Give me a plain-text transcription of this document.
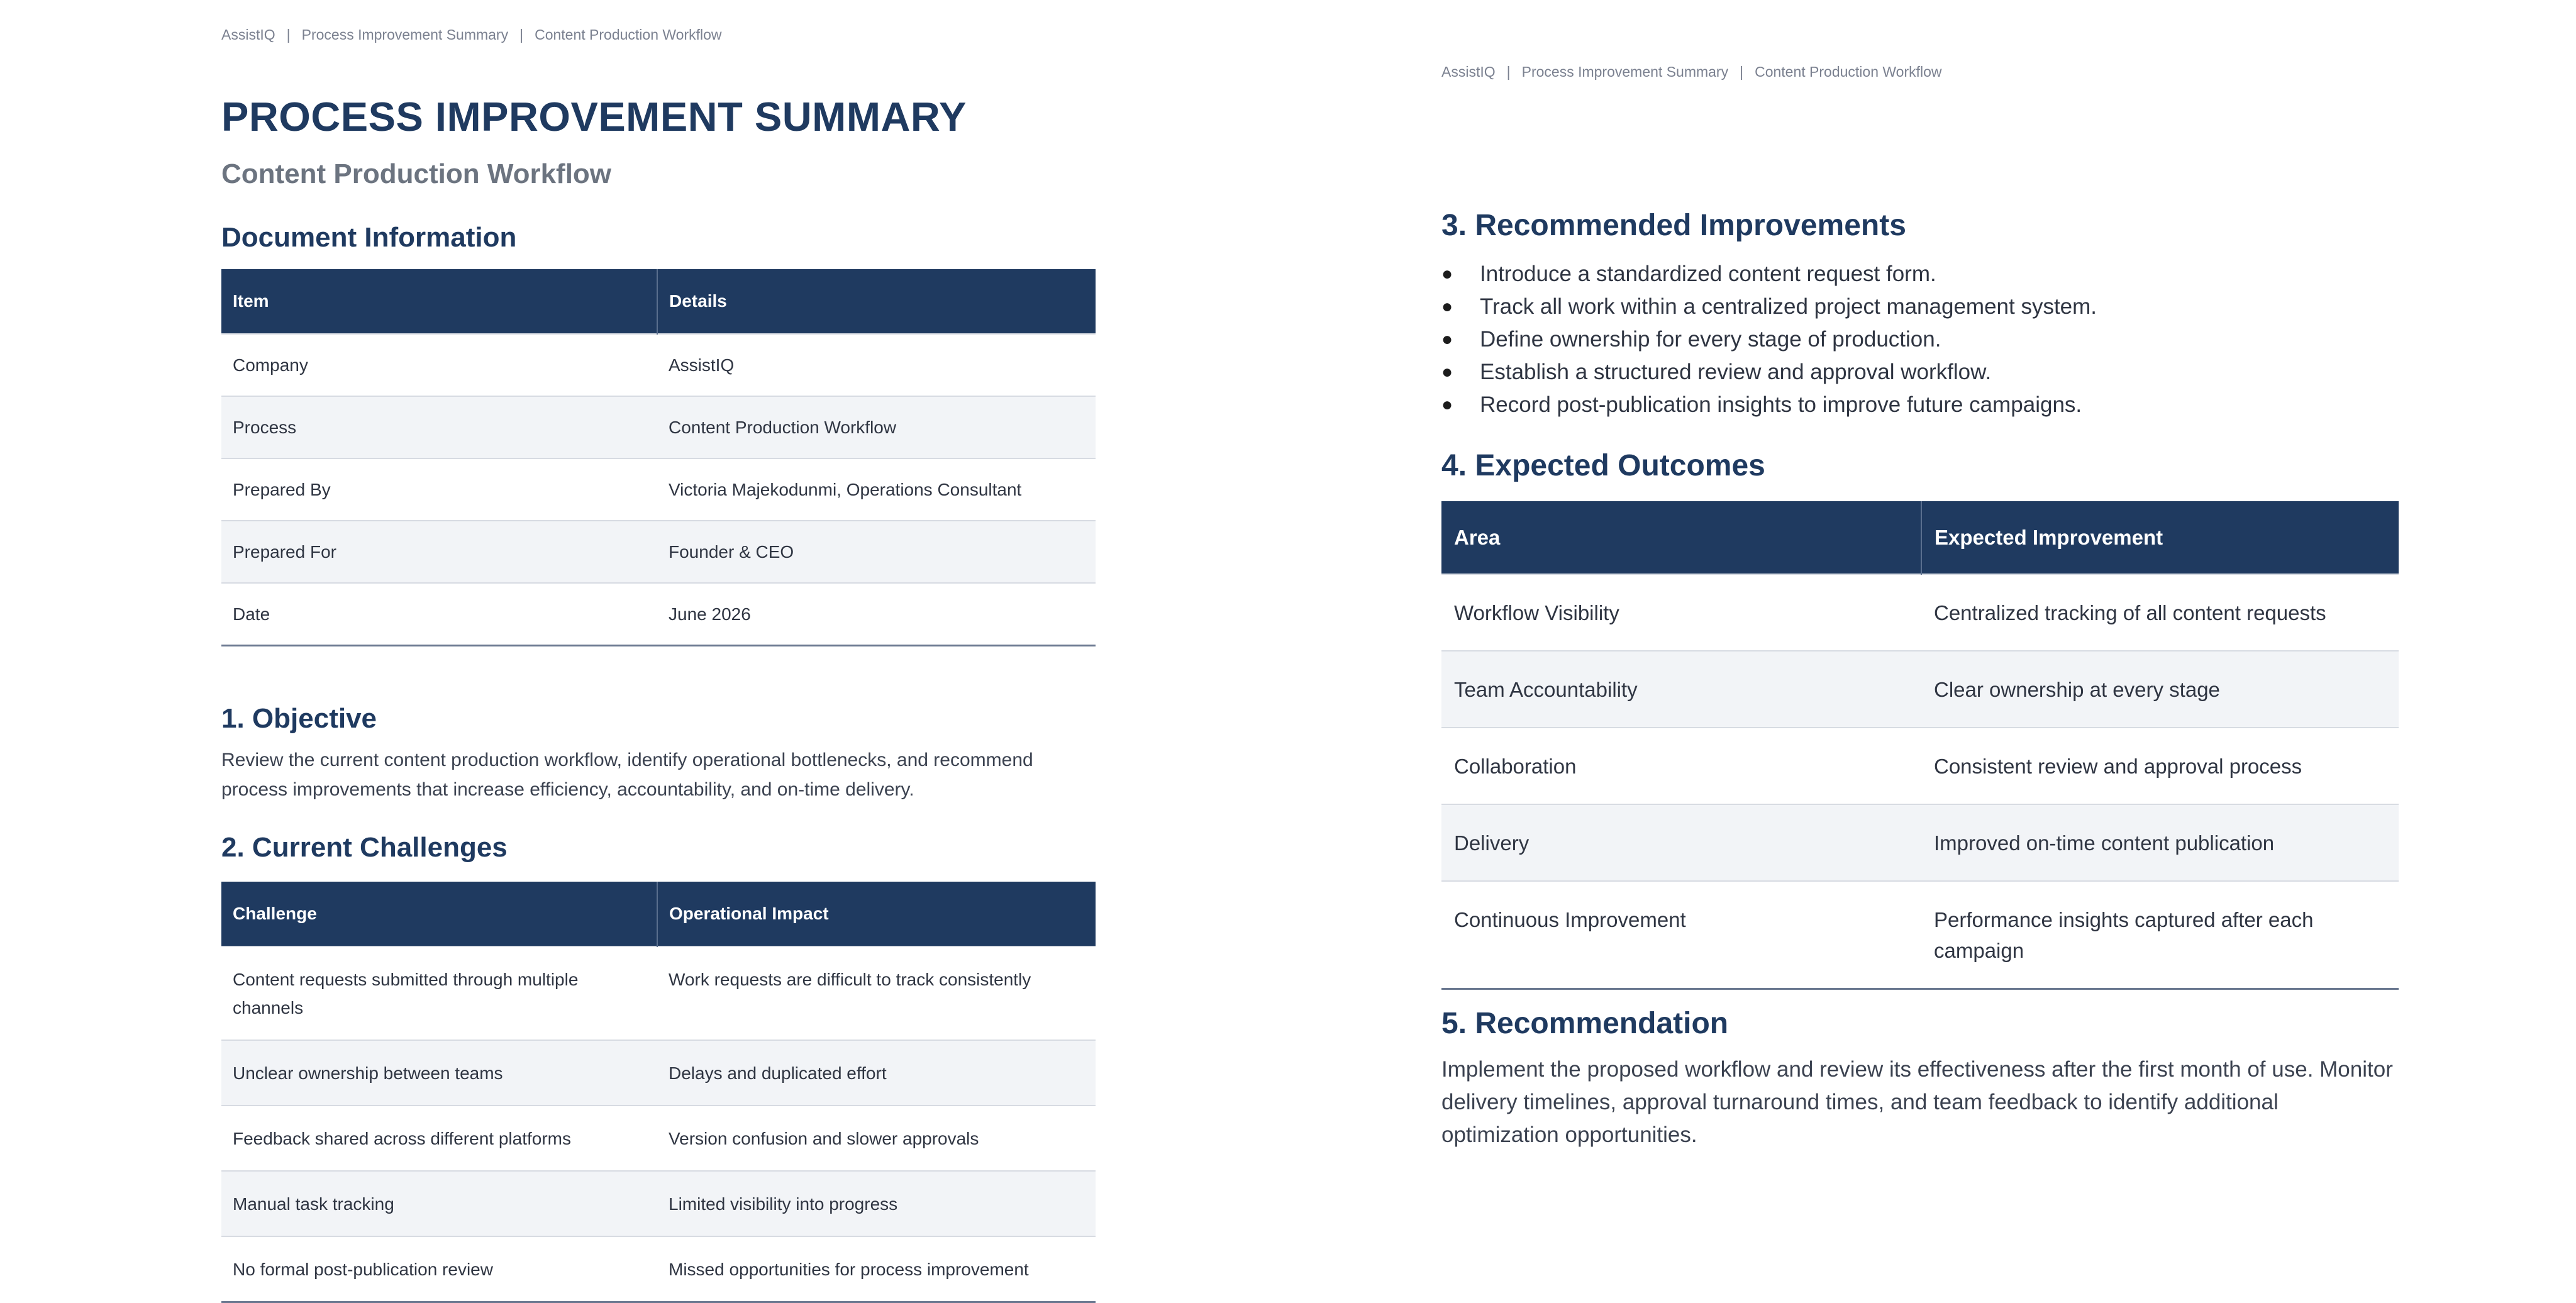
AssistIQ | Process Improvement Summary | Content Production Workflow
PROCESS IMPROVEMENT SUMMARY
Content Production Workflow
Document Information
Item	Details
Company	AssistIQ
Process	Content Production Workflow
Prepared By	Victoria Majekodunmi, Operations Consultant
Prepared For	Founder & CEO
Date	June 2026
1. Objective

Review the current content production workflow, identify operational bottlenecks, and recommend process improvements that increase efficiency, accountability, and on-time delivery.

2. Current Challenges
Challenge	Operational Impact
Content requests submitted through multiple channels	Work requests are difficult to track consistently
Unclear ownership between teams	Delays and duplicated effort
Feedback shared across different platforms	Version confusion and slower approvals
Manual task tracking	Limited visibility into progress
No formal post-publication review	Missed opportunities for process improvement
AssistIQ | Process Improvement Summary | Content Production Workflow
3. Recommended Improvements
● Introduce a standardized content request form.
● Track all work within a centralized project management system.
● Define ownership for every stage of production.
● Establish a structured review and approval workflow.
● Record post-publication insights to improve future campaigns.
4. Expected Outcomes
Area	Expected Improvement
Workflow Visibility	Centralized tracking of all content requests
Team Accountability	Clear ownership at every stage
Collaboration	Consistent review and approval process
Delivery	Improved on-time content publication
Continuous Improvement	Performance insights captured after each campaign
5. Recommendation

Implement the proposed workflow and review its effectiveness after the first month of use. Monitor delivery timelines, approval turnaround times, and team feedback to identify additional optimization opportunities.
